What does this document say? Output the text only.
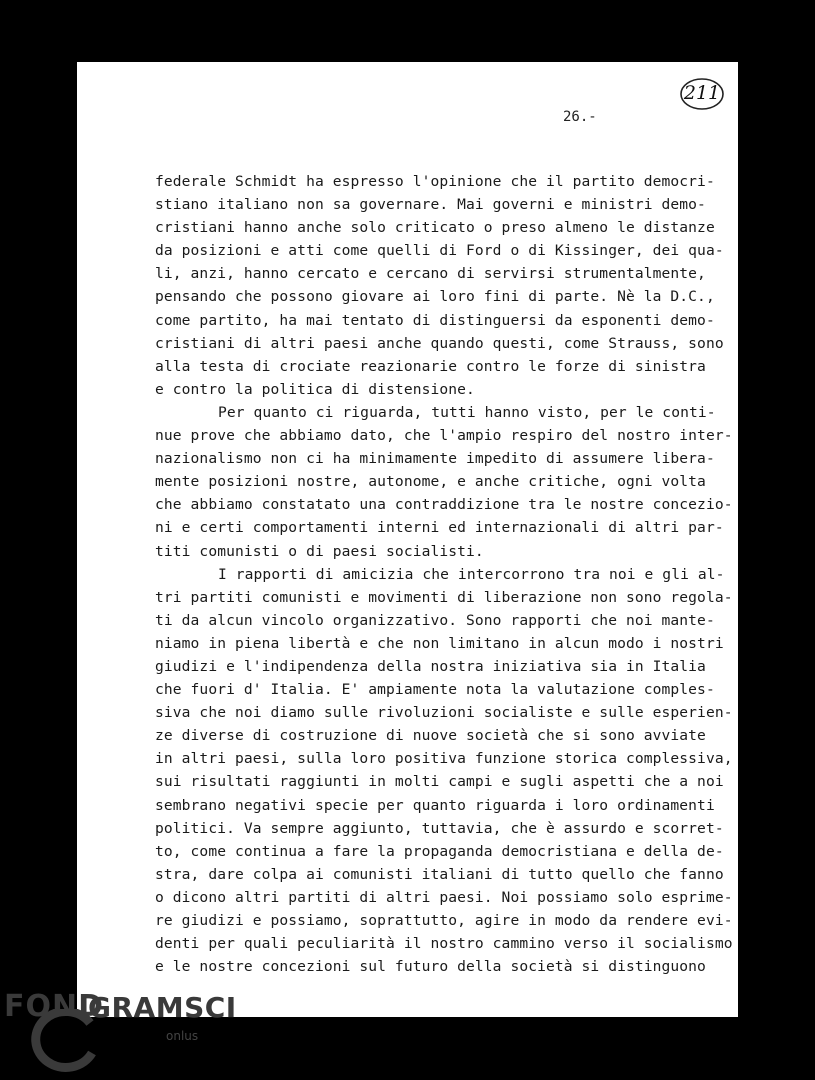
211
26.-
federale Schmidt ha espresso l'opinione che il partito democri-
stiano italiano non sa governare. Mai governi e ministri demo-
cristiani hanno anche solo criticato o preso almeno le distanze
da posizioni e atti come quelli di Ford o di Kissinger, dei qua-
li, anzi, hanno cercato e cercano di servirsi strumentalmente,
pensando che possono giovare ai loro fini di parte. Nè la D.C.,
come partito, ha mai tentato di distinguersi da esponenti demo-
cristiani di altri paesi anche quando questi, come Strauss, sono
alla testa di crociate reazionarie contro le forze di sinistra
e contro la politica di distensione.
Per quanto ci riguarda, tutti hanno visto, per le conti-
nue prove che abbiamo dato, che l'ampio respiro del nostro inter-
nazionalismo non ci ha minimamente impedito di assumere libera-
mente posizioni nostre, autonome, e anche critiche, ogni volta
che abbiamo constatato una contraddizione tra le nostre concezio-
ni e certi comportamenti interni ed internazionali di altri par-
titi comunisti o di paesi socialisti.
I rapporti di amicizia che intercorrono tra noi e gli al-
tri partiti comunisti e movimenti di liberazione non sono regola-
ti da alcun vincolo organizzativo. Sono rapporti che noi mante-
niamo in piena libertà e che non limitano in alcun modo i nostri
giudizi e l'indipendenza della nostra iniziativa sia in Italia
che fuori d' Italia. E' ampiamente nota la valutazione comples-
siva che noi diamo sulle rivoluzioni socialiste e sulle esperien-
ze diverse di costruzione di nuove società che si sono avviate
in altri paesi, sulla loro positiva funzione storica complessiva,
sui risultati raggiunti in molti campi e sugli aspetti che a noi
sembrano negativi specie per quanto riguarda i loro ordinamenti
politici. Va sempre aggiunto, tuttavia, che è assurdo e scorret-
to, come continua a fare la propaganda democristiana e della de-
stra, dare colpa ai comunisti italiani di tutto quello che fanno
o dicono altri partiti di altri paesi. Noi possiamo solo esprime-
re giudizi e possiamo, soprattutto, agire in modo da rendere evi-
denti per quali peculiarità il nostro cammino verso il socialismo
e le nostre concezioni sul futuro della società si distinguono
FOND
GRAMSCI
onlus
